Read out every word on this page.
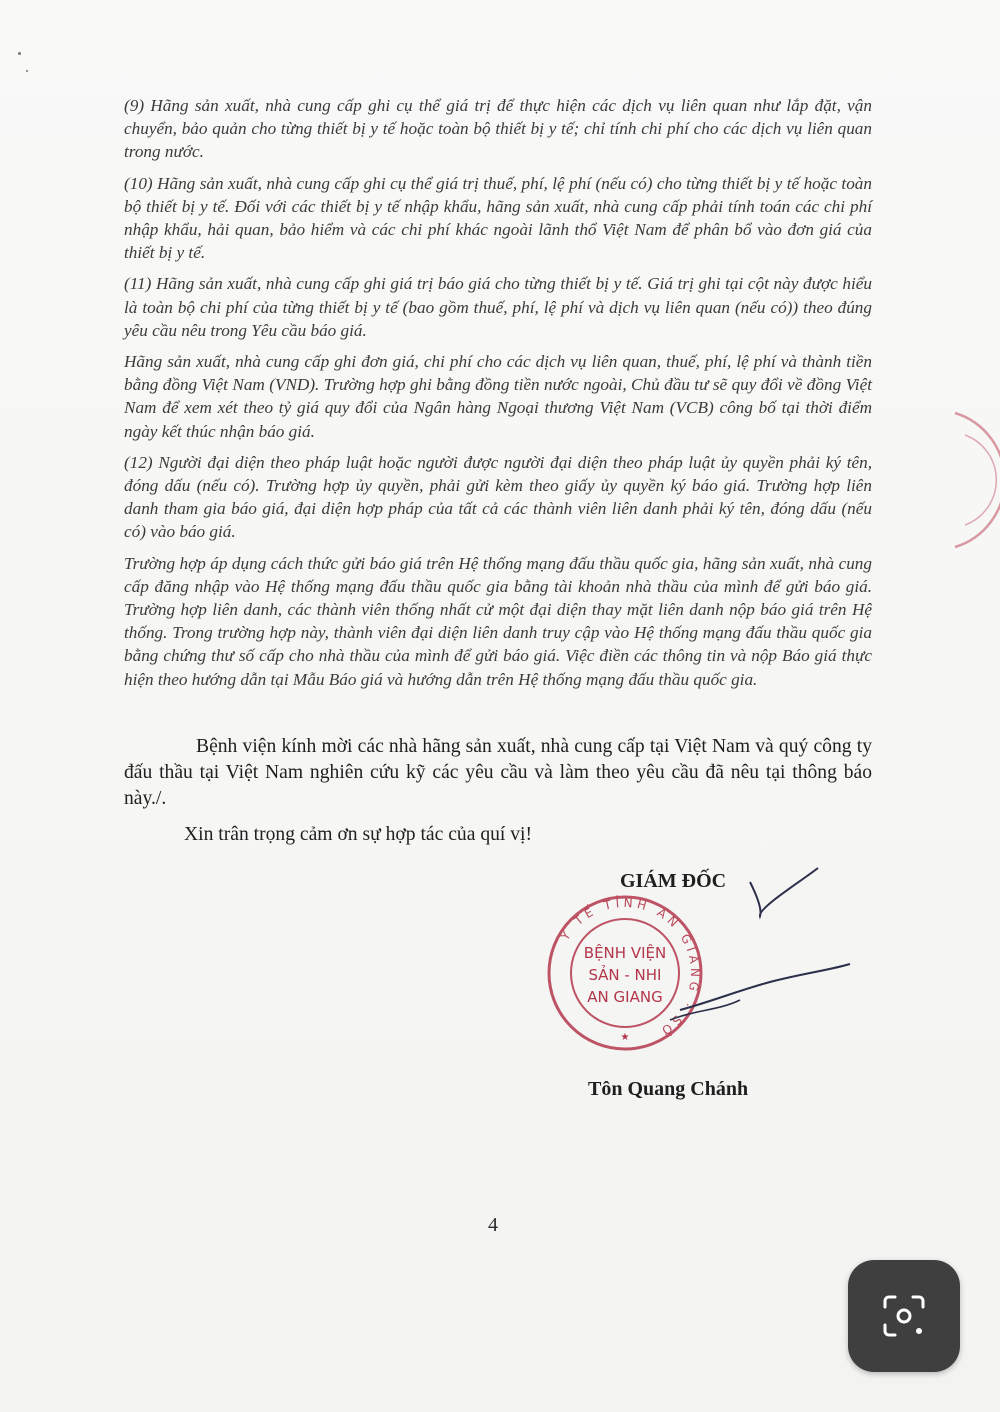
(9) Hãng sản xuất, nhà cung cấp ghi cụ thể giá trị để thực hiện các dịch vụ liên quan như lắp đặt, vận chuyển, bảo quản cho từng thiết bị y tế hoặc toàn bộ thiết bị y tế; chỉ tính chi phí cho các dịch vụ liên quan trong nước.

(10) Hãng sản xuất, nhà cung cấp ghi cụ thể giá trị thuế, phí, lệ phí (nếu có) cho từng thiết bị y tế hoặc toàn bộ thiết bị y tế. Đối với các thiết bị y tế nhập khẩu, hãng sản xuất, nhà cung cấp phải tính toán các chi phí nhập khẩu, hải quan, bảo hiểm và các chi phí khác ngoài lãnh thổ Việt Nam để phân bổ vào đơn giá của thiết bị y tế.

(11) Hãng sản xuất, nhà cung cấp ghi giá trị báo giá cho từng thiết bị y tế. Giá trị ghi tại cột này được hiểu là toàn bộ chi phí của từng thiết bị y tế (bao gồm thuế, phí, lệ phí và dịch vụ liên quan (nếu có)) theo đúng yêu cầu nêu trong Yêu cầu báo giá.

Hãng sản xuất, nhà cung cấp ghi đơn giá, chi phí cho các dịch vụ liên quan, thuế, phí, lệ phí và thành tiền bằng đồng Việt Nam (VND). Trường hợp ghi bằng đồng tiền nước ngoài, Chủ đầu tư sẽ quy đổi về đồng Việt Nam để xem xét theo tỷ giá quy đổi của Ngân hàng Ngoại thương Việt Nam (VCB) công bố tại thời điểm ngày kết thúc nhận báo giá.

(12) Người đại diện theo pháp luật hoặc người được người đại diện theo pháp luật ủy quyền phải ký tên, đóng dấu (nếu có). Trường hợp ủy quyền, phải gửi kèm theo giấy ủy quyền ký báo giá. Trường hợp liên danh tham gia báo giá, đại diện hợp pháp của tất cả các thành viên liên danh phải ký tên, đóng dấu (nếu có) vào báo giá.

Trường hợp áp dụng cách thức gửi báo giá trên Hệ thống mạng đấu thầu quốc gia, hãng sản xuất, nhà cung cấp đăng nhập vào Hệ thống mạng đấu thầu quốc gia bằng tài khoản nhà thầu của mình để gửi báo giá. Trường hợp liên danh, các thành viên thống nhất cử một đại diện thay mặt liên danh nộp báo giá trên Hệ thống. Trong trường hợp này, thành viên đại diện liên danh truy cập vào Hệ thống mạng đấu thầu quốc gia bằng chứng thư số cấp cho nhà thầu của mình để gửi báo giá. Việc điền các thông tin và nộp Báo giá thực hiện theo hướng dẫn tại Mẫu Báo giá và hướng dẫn trên Hệ thống mạng đấu thầu quốc gia.

Bệnh viện kính mời các nhà hãng sản xuất, nhà cung cấp tại Việt Nam và quý công ty đấu thầu tại Việt Nam nghiên cứu kỹ các yêu cầu và làm theo yêu cầu đã nêu tại thông báo này./.

Xin trân trọng cảm ơn sự hợp tác của quí vị!

GIÁM ĐỐC
Y TẾ TỈNH AN GIANG · SỞ
BỆNH VIỆN
SẢN - NHI
AN GIANG
★
Tôn Quang Chánh
4
